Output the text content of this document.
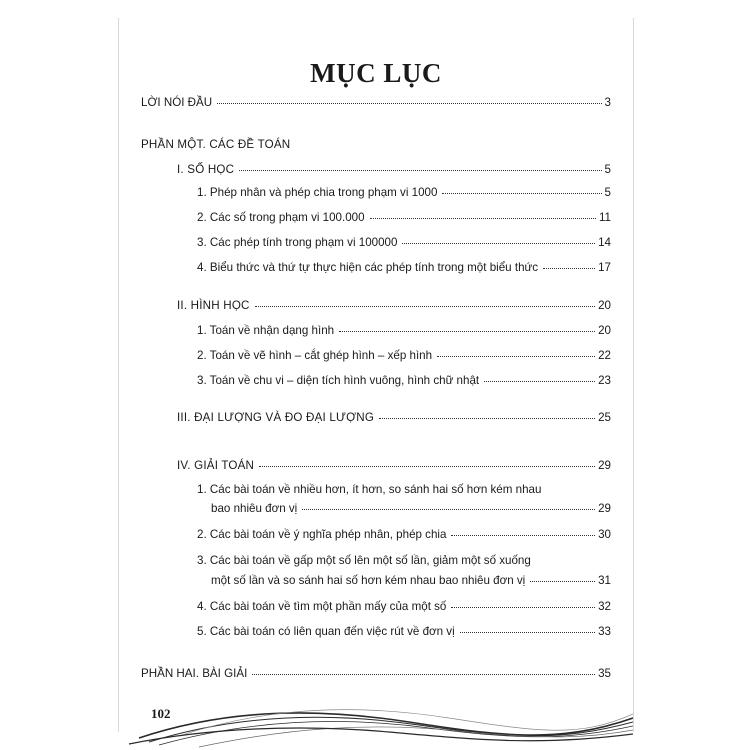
MỤC LỤC
LỜI NÓI ĐẦU	3
PHẦN MỘT. CÁC ĐỀ TOÁN
I. SỐ HỌC	5
1. Phép nhân và phép chia trong phạm vi 1000	5
2. Các số trong phạm vi 100.000	11
3. Các phép tính trong phạm vi 100000	14
4. Biểu thức và thứ tự thực hiện các phép tính trong một biểu thức	17
II. HÌNH HỌC	20
1. Toán về nhận dạng hình	20
2. Toán về vẽ hình – cắt ghép hình – xếp hình	22
3. Toán về chu vi – diện tích hình vuông, hình chữ nhật	23
III. ĐẠI LƯỢNG VÀ ĐO ĐẠI LƯỢNG	25
IV. GIẢI TOÁN	29
1. Các bài toán về nhiều hơn, ít hơn, so sánh hai số hơn kém nhau
bao nhiêu đơn vị	29
2. Các bài toán về ý nghĩa phép nhân, phép chia	30
3. Các bài toán về gấp một số lên một số lần, giảm một số xuống
một số lần và so sánh hai số hơn kém nhau bao nhiêu đơn vị	31
4. Các bài toán về tìm một phần mấy của một số	32
5. Các bài toán có liên quan đến việc rút về đơn vị	33
PHẦN HAI. BÀI GIẢI	35
102
